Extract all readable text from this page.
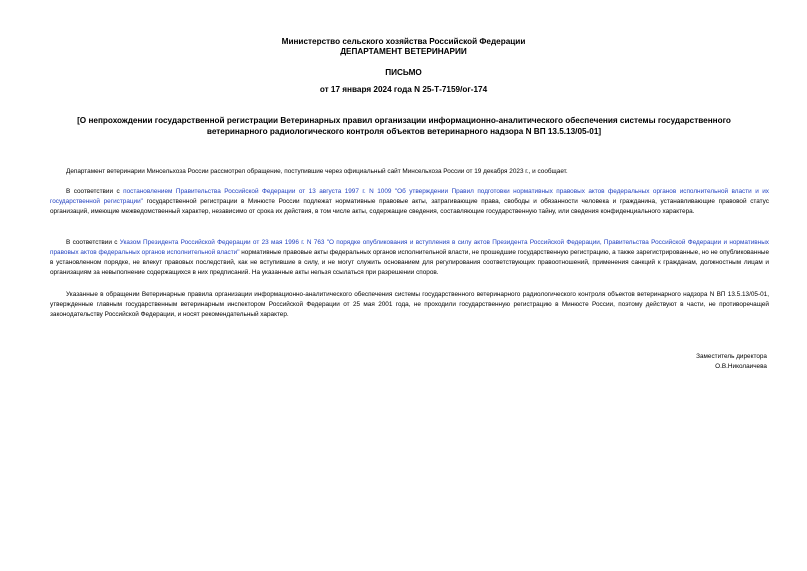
Министерство сельского хозяйства Российской Федерации

ДЕПАРТАМЕНТ ВЕТЕРИНАРИИ

ПИСЬМО

от 17 января 2024 года N 25-Т-7159/ог-174

[О непрохождении государственной регистрации Ветеринарных правил организации информационно-аналитического обеспечения системы государственного ветеринарного радиологического контроля объектов ветеринарного надзора N ВП 13.5.13/05-01]

Департамент ветеринарии Минсельхоза России рассмотрел обращение, поступившие через официальный сайт Минсельхоза России от 19 декабря 2023 г., и сообщает.

В соответствии с постановлением Правительства Российской Федерации от 13 августа 1997 г. N 1009 "Об утверждении Правил подготовки нормативных правовых актов федеральных органов исполнительной власти и их государственной регистрации" государственной регистрации в Минюсте России подлежат нормативные правовые акты, затрагивающие права, свободы и обязанности человека и гражданина, устанавливающие правовой статус организаций, имеющие межведомственный характер, независимо от срока их действия, в том числе акты, содержащие сведения, составляющие государственную тайну, или сведения конфиденциального характера.

В соответствии с Указом Президента Российской Федерации от 23 мая 1996 г. N 763 "О порядке опубликования и вступления в силу актов Президента Российской Федерации, Правительства Российской Федерации и нормативных правовых актов федеральных органов исполнительной власти" нормативные правовые акты федеральных органов исполнительной власти, не прошедшие государственную регистрацию, а также зарегистрированные, но не опубликованные в установленном порядке, не влекут правовых последствий, как не вступившие в силу, и не могут служить основанием для регулирования соответствующих правоотношений, применения санкций к гражданам, должностным лицам и организациям за невыполнение содержащихся в них предписаний. На указанные акты нельзя ссылаться при разрешении споров.

Указанные в обращении Ветеринарные правила организации информационно-аналитического обеспечения системы государственного ветеринарного радиологического контроля объектов ветеринарного надзора N ВП 13.5.13/05-01, утвержденные главным государственным ветеринарным инспектором Российской Федерации от 25 мая 2001 года, не проходили государственную регистрацию в Минюсте России, поэтому действуют в части, не противоречащей законодательству Российской Федерации, и носят рекомендательный характер.

Заместитель директора
О.В.Николаичева
